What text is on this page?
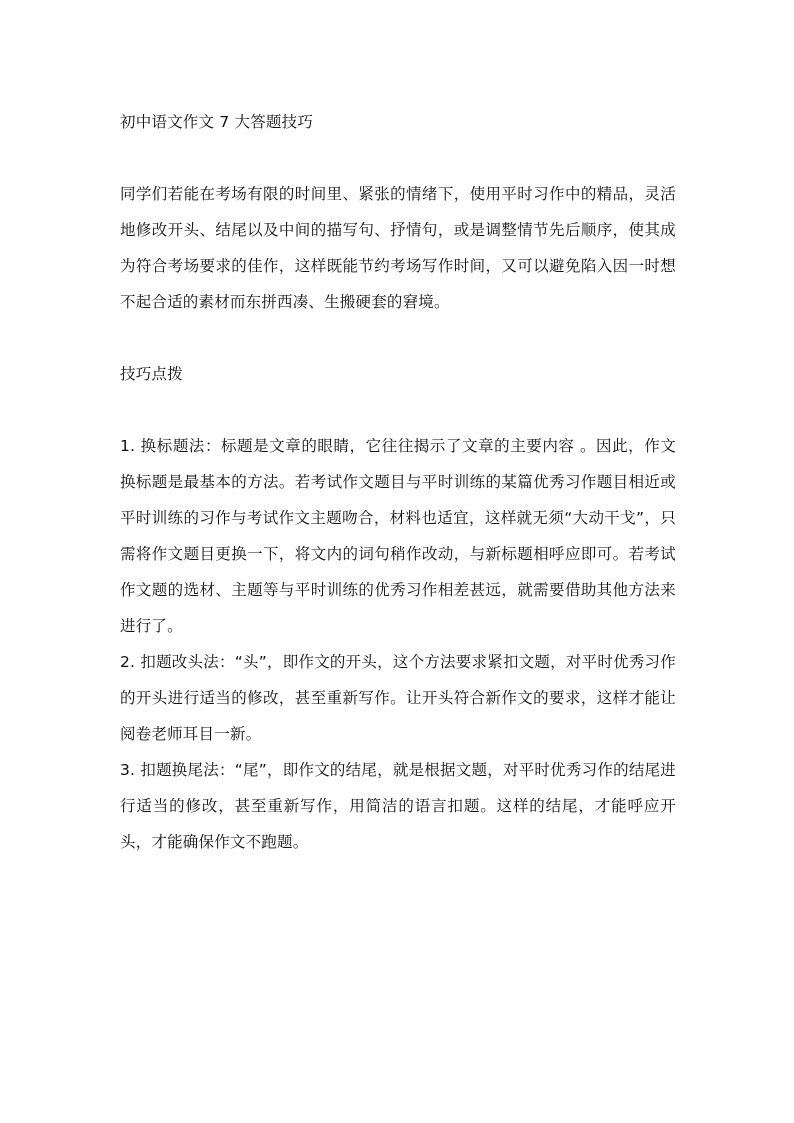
初中语文作文 7 大答题技巧

同学们若能在考场有限的时间里、紧张的情绪下，使用平时习作中的精品，灵活地修改开头、结尾以及中间的描写句、抒情句，或是调整情节先后顺序，使其成为符合考场要求的佳作，这样既能节约考场写作时间，又可以避免陷入因一时想不起合适的素材而东拼西凑、生搬硬套的窘境。

技巧点拨

1. 换标题法：标题是文章的眼睛，它往往揭示了文章的主要内容 。因此，作文换标题是最基本的方法。若考试作文题目与平时训练的某篇优秀习作题目相近或平时训练的习作与考试作文主题吻合，材料也适宜，这样就无须“大动干戈”，只需将作文题目更换一下，将文内的词句稍作改动，与新标题相呼应即可。若考试作文题的选材、主题等与平时训练的优秀习作相差甚远，就需要借助其他方法来进行了。

2. 扣题改头法：“头”，即作文的开头，这个方法要求紧扣文题，对平时优秀习作的开头进行适当的修改，甚至重新写作。让开头符合新作文的要求，这样才能让阅卷老师耳目一新。

3. 扣题换尾法：“尾”，即作文的结尾，就是根据文题，对平时优秀习作的结尾进行适当的修改，甚至重新写作，用简洁的语言扣题。这样的结尾，才能呼应开头，才能确保作文不跑题。
